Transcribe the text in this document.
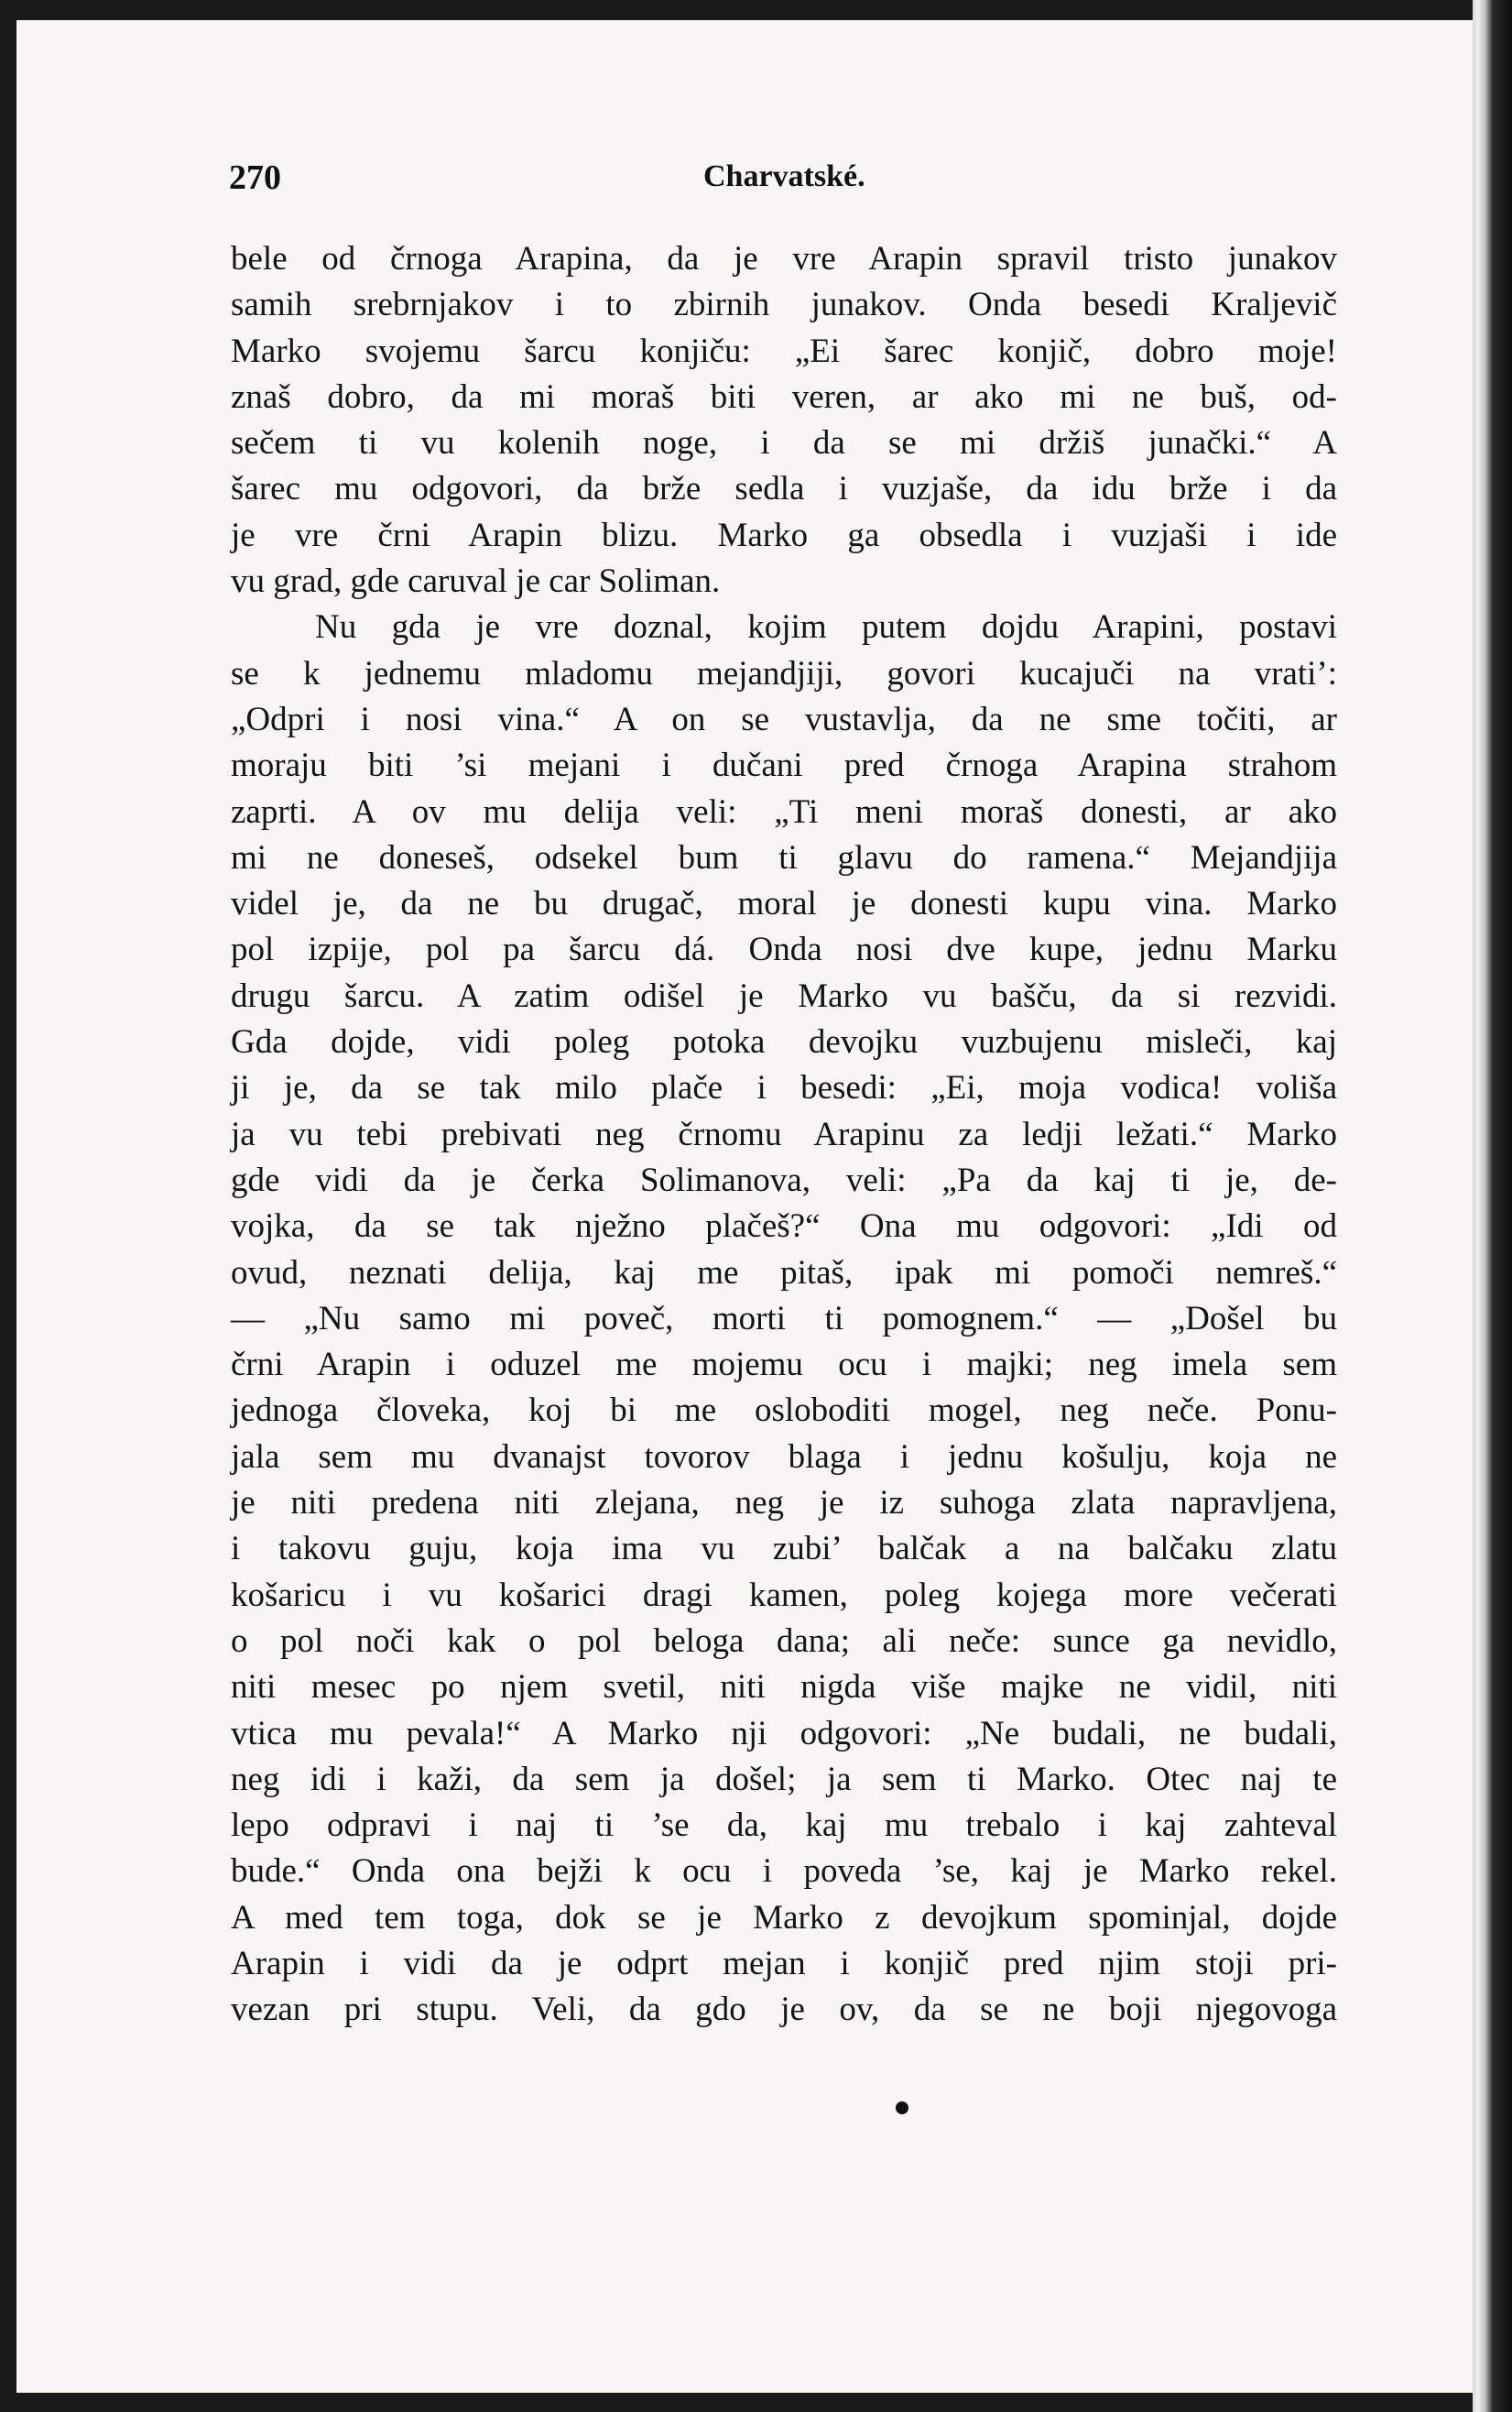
270	Charvatské.
bele od črnoga Arapina, da je vre Arapin spravil tristo junakov
samih srebrnjakov i to zbirnih junakov. Onda besedi Kraljevič
Marko svojemu šarcu konjiču: „Ei šarec konjič, dobro moje!
znaš dobro, da mi moraš biti veren, ar ako mi ne buš, od-
sečem ti vu kolenih noge, i da se mi držiš junački.“ A
šarec mu odgovori, da brže sedla i vuzjaše, da idu brže i da
je vre črni Arapin blizu. Marko ga obsedla i vuzjaši i ide
vu grad, gde caruval je car Soliman.
Nu gda je vre doznal, kojim putem dojdu Arapini, postavi
se k jednemu mladomu mejandjiji, govori kucajuči na vrati’:
„Odpri i nosi vina.“ A on se vustavlja, da ne sme točiti, ar
moraju biti ’si mejani i dučani pred črnoga Arapina strahom
zaprti. A ov mu delija veli: „Ti meni moraš donesti, ar ako
mi ne doneseš, odsekel bum ti glavu do ramena.“ Mejandjija
videl je, da ne bu drugač, moral je donesti kupu vina. Marko
pol izpije, pol pa šarcu dá. Onda nosi dve kupe, jednu Marku
drugu šarcu. A zatim odišel je Marko vu bašču, da si rezvidi.
Gda dojde, vidi poleg potoka devojku vuzbujenu misleči, kaj
ji je, da se tak milo plače i besedi: „Ei, moja vodica! voliša
ja vu tebi prebivati neg črnomu Arapinu za ledji ležati.“ Marko
gde vidi da je čerka Solimanova, veli: „Pa da kaj ti je, de-
vojka, da se tak nježno plačeš?“ Ona mu odgovori: „Idi od
ovud, neznati delija, kaj me pitaš, ipak mi pomoči nemreš.“
— „Nu samo mi poveč, morti ti pomognem.“ — „Došel bu
črni Arapin i oduzel me mojemu ocu i majki; neg imela sem
jednoga človeka, koj bi me osloboditi mogel, neg neče. Ponu-
jala sem mu dvanajst tovorov blaga i jednu košulju, koja ne
je niti predena niti zlejana, neg je iz suhoga zlata napravljena,
i takovu guju, koja ima vu zubi’ balčak a na balčaku zlatu
košaricu i vu košarici dragi kamen, poleg kojega more večerati
o pol noči kak o pol beloga dana; ali neče: sunce ga nevidlo,
niti mesec po njem svetil, niti nigda više majke ne vidil, niti
vtica mu pevala!“ A Marko nji odgovori: „Ne budali, ne budali,
neg idi i kaži, da sem ja došel; ja sem ti Marko. Otec naj te
lepo odpravi i naj ti ’se da, kaj mu trebalo i kaj zahteval
bude.“ Onda ona bejži k ocu i poveda ’se, kaj je Marko rekel.
A med tem toga, dok se je Marko z devojkum spominjal, dojde
Arapin i vidi da je odprt mejan i konjič pred njim stoji pri-
vezan pri stupu. Veli, da gdo je ov, da se ne boji njegovoga
